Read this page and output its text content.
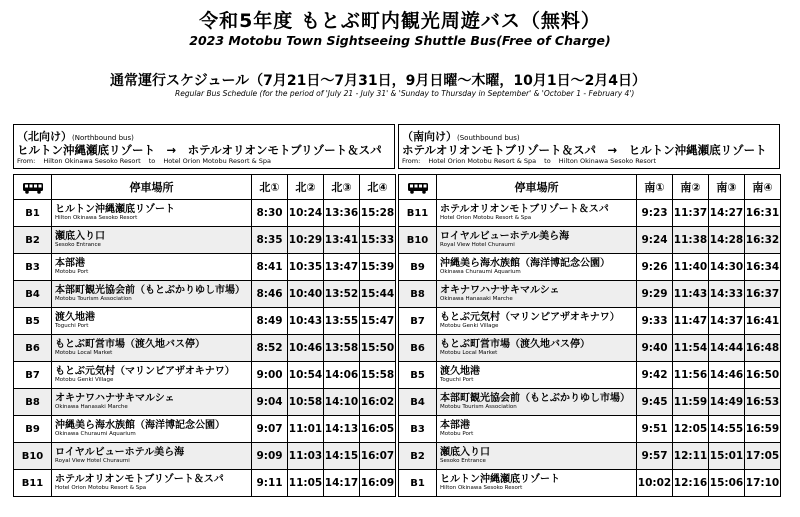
令和5年度 もとぶ町内観光周遊バス（無料）
2023 Motobu Town Sightseeing Shuttle Bus(Free of Charge)
通常運行スケジュール（7月21日～7月31日，9月日曜～木曜，10月1日～2月4日）
Regular Bus Schedule (for the period of 'July 21 - July 31' & 'Sunday to Thursday in September' & 'October 1 - February 4')
（北向け）(Northbound bus)
ヒルトン沖縄瀬底リゾート　→　ホテルオリオンモトブリゾート＆スパ
From: Hilton Okinawa Sesoko Resort to Hotel Orion Motobu Resort & Spa
	停車場所	北①	北②	北③	北④
B1	ヒルトン沖縄瀬底リゾート
Hilton Okinawa Sesoko Resort	8:30	10:24	13:36	15:28
B2	瀬底入り口
Sesoko Entrance	8:35	10:29	13:41	15:33
B3	本部港
Motobu Port	8:41	10:35	13:47	15:39
B4	本部町観光協会前（もとぶかりゆし市場）
Motobu Tourism Association	8:46	10:40	13:52	15:44
B5	渡久地港
Toguchi Port	8:49	10:43	13:55	15:47
B6	もとぶ町営市場（渡久地バス停）
Motobu Local Market	8:52	10:46	13:58	15:50
B7	もとぶ元気村（マリンピアザオキナワ）
Motobu Genki Village	9:00	10:54	14:06	15:58
B8	オキナワハナサキマルシェ
Okinawa Hanasaki Marche	9:04	10:58	14:10	16:02
B9	沖縄美ら海水族館（海洋博記念公園）
Okinawa Churaumi Aquarium	9:07	11:01	14:13	16:05
B10	ロイヤルビューホテル美ら海
Royal View Hotel Churaumi	9:09	11:03	14:15	16:07
B11	ホテルオリオンモトブリゾート＆スパ
Hotel Orion Motobu Resort & Spa	9:11	11:05	14:17	16:09
（南向け）(Southbound bus)
ホテルオリオンモトブリゾート＆スパ　→　ヒルトン沖縄瀬底リゾート
From: Hotel Orion Motobu Resort & Spa to Hilton Okinawa Sesoko Resort
	停車場所	南①	南②	南③	南④
B11	ホテルオリオンモトブリゾート＆スパ
Hotel Orion Motobu Resort & Spa	9:23	11:37	14:27	16:31
B10	ロイヤルビューホテル美ら海
Royal View Hotel Churaumi	9:24	11:38	14:28	16:32
B9	沖縄美ら海水族館（海洋博記念公園）
Okinawa Churaumi Aquarium	9:26	11:40	14:30	16:34
B8	オキナワハナサキマルシェ
Okinawa Hanasaki Marche	9:29	11:43	14:33	16:37
B7	もとぶ元気村（マリンピアザオキナワ）
Motobu Genki Village	9:33	11:47	14:37	16:41
B6	もとぶ町営市場（渡久地バス停）
Motobu Local Market	9:40	11:54	14:44	16:48
B5	渡久地港
Toguchi Port	9:42	11:56	14:46	16:50
B4	本部町観光協会前（もとぶかりゆし市場）
Motobu Tourism Association	9:45	11:59	14:49	16:53
B3	本部港
Motobu Port	9:51	12:05	14:55	16:59
B2	瀬底入り口
Sesoko Entrance	9:57	12:11	15:01	17:05
B1	ヒルトン沖縄瀬底リゾート
Hilton Okinawa Sesoko Resort	10:02	12:16	15:06	17:10
